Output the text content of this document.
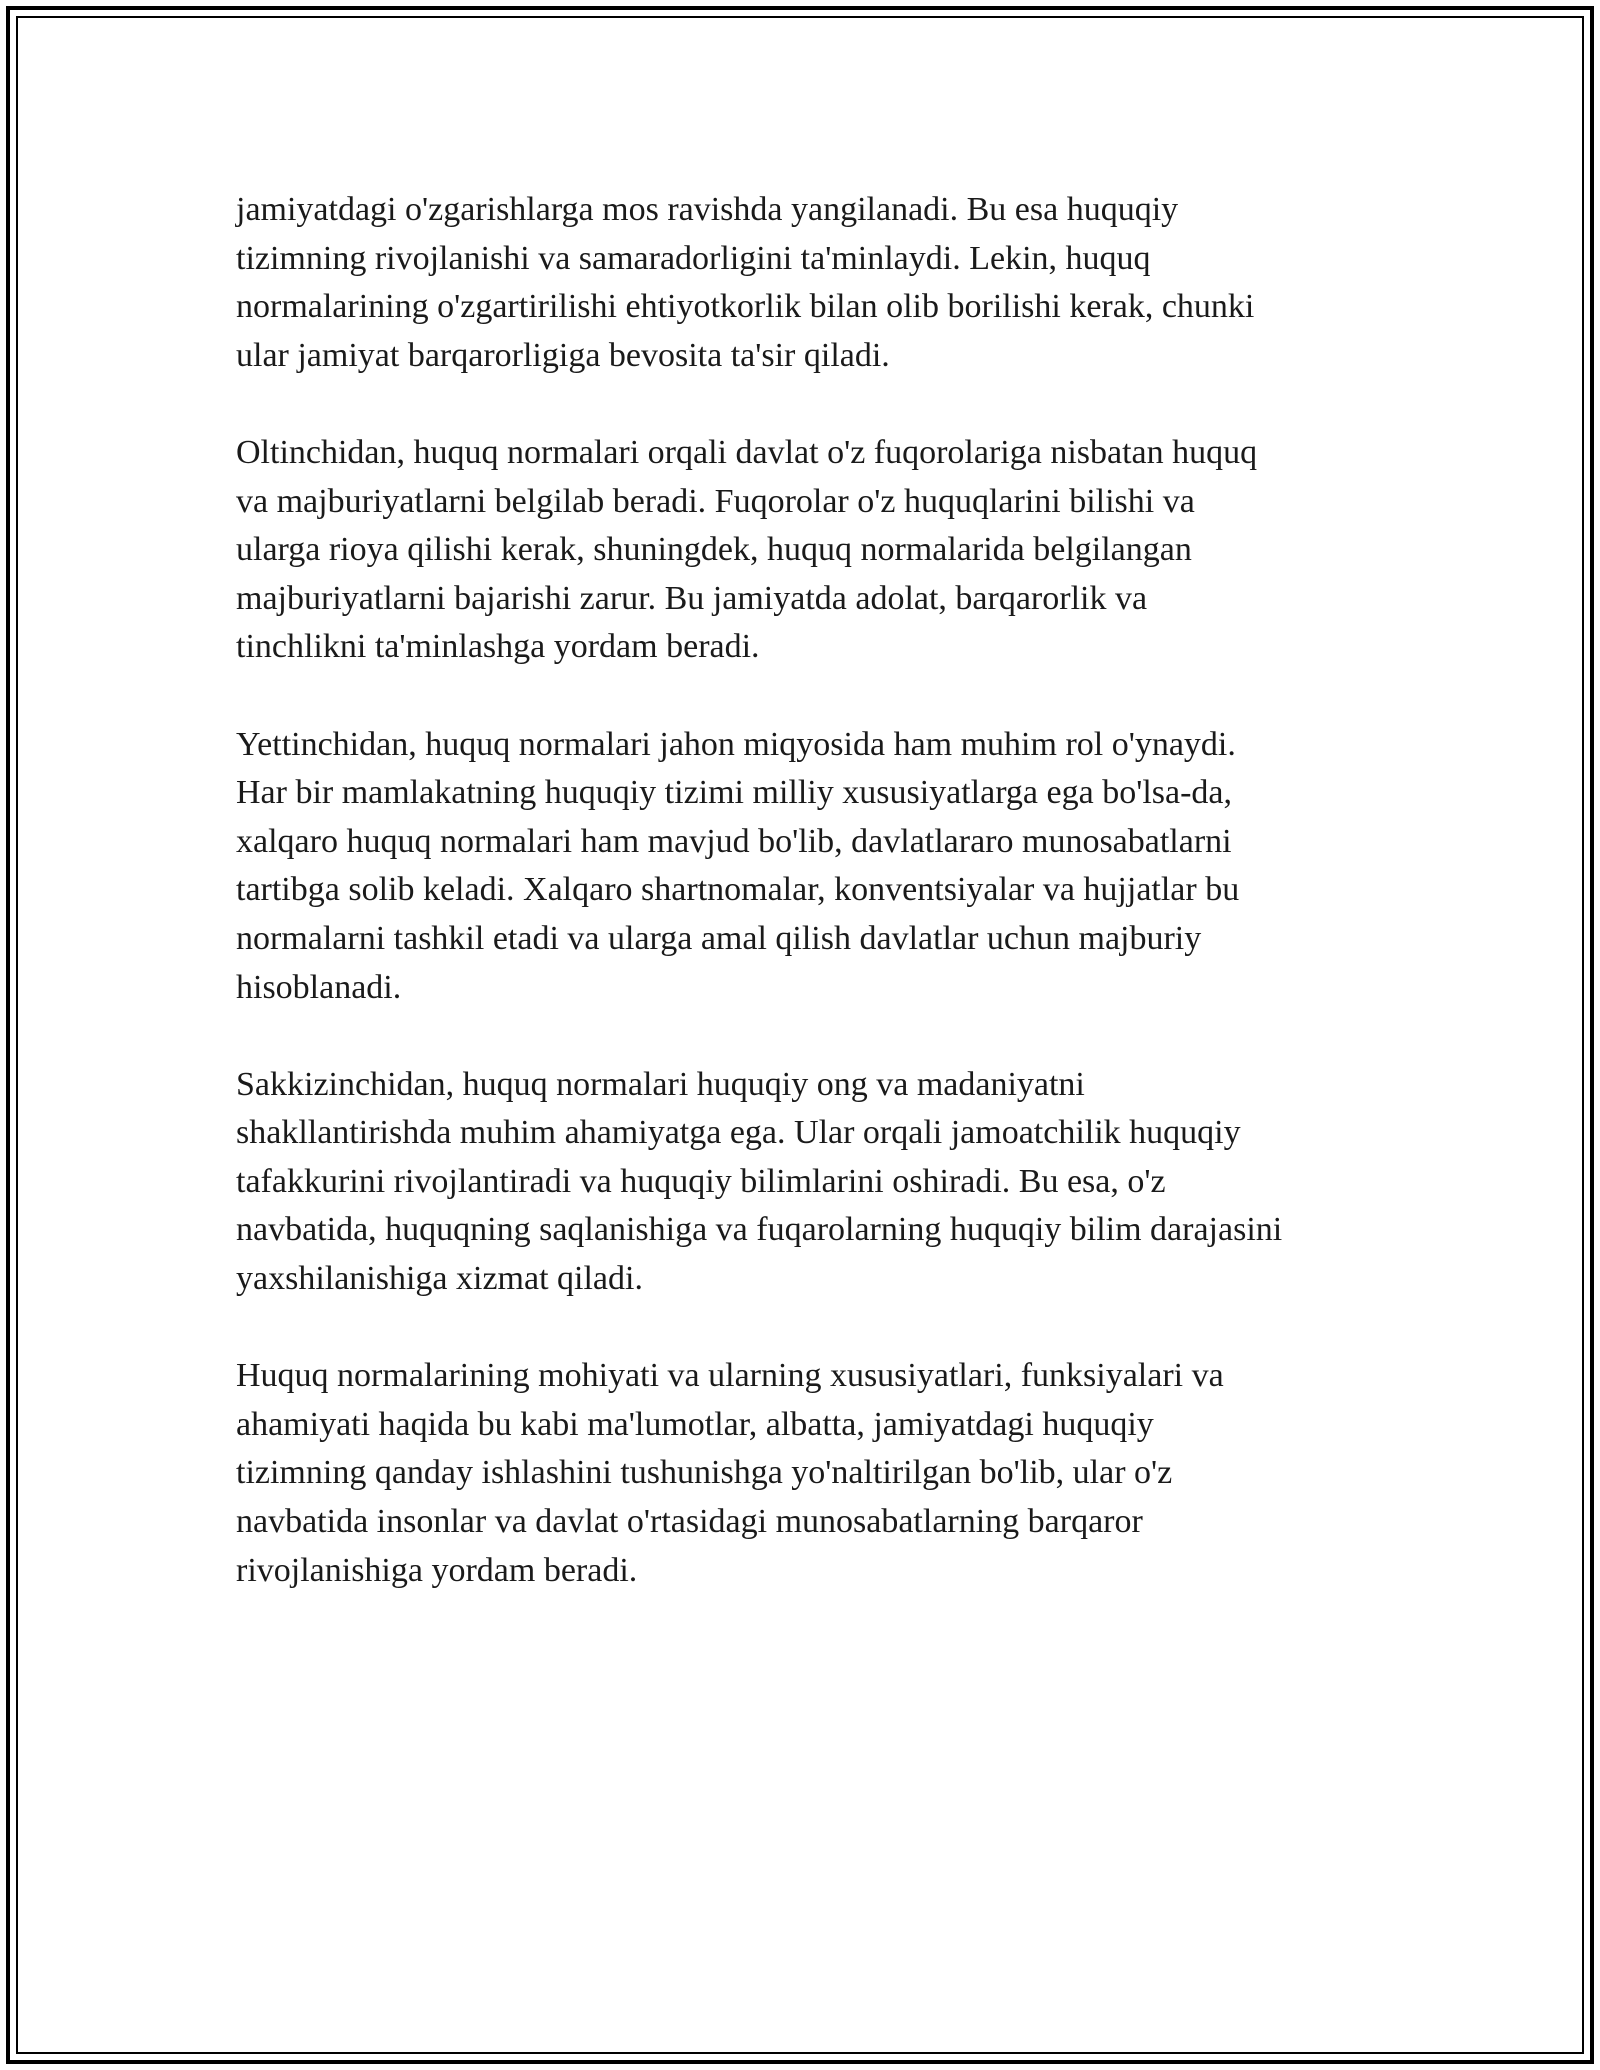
jamiyatdagi o'zgarishlarga mos ravishda yangilanadi. Bu esa huquqiy
tizimning rivojlanishi va samaradorligini ta'minlaydi. Lekin, huquq
normalarining o'zgartirilishi ehtiyotkorlik bilan olib borilishi kerak, chunki
ular jamiyat barqarorligiga bevosita ta'sir qiladi.

Oltinchidan, huquq normalari orqali davlat o'z fuqorolariga nisbatan huquq
va majburiyatlarni belgilab beradi. Fuqorolar o'z huquqlarini bilishi va
ularga rioya qilishi kerak, shuningdek, huquq normalarida belgilangan
majburiyatlarni bajarishi zarur. Bu jamiyatda adolat, barqarorlik va
tinchlikni ta'minlashga yordam beradi.

Yettinchidan, huquq normalari jahon miqyosida ham muhim rol o'ynaydi.
Har bir mamlakatning huquqiy tizimi milliy xususiyatlarga ega bo'lsa-da,
xalqaro huquq normalari ham mavjud bo'lib, davlatlararo munosabatlarni
tartibga solib keladi. Xalqaro shartnomalar, konventsiyalar va hujjatlar bu
normalarni tashkil etadi va ularga amal qilish davlatlar uchun majburiy
hisoblanadi.

Sakkizinchidan, huquq normalari huquqiy ong va madaniyatni
shakllantirishda muhim ahamiyatga ega. Ular orqali jamoatchilik huquqiy
tafakkurini rivojlantiradi va huquqiy bilimlarini oshiradi. Bu esa, o'z
navbatida, huquqning saqlanishiga va fuqarolarning huquqiy bilim darajasini
yaxshilanishiga xizmat qiladi.

Huquq normalarining mohiyati va ularning xususiyatlari, funksiyalari va
ahamiyati haqida bu kabi ma'lumotlar, albatta, jamiyatdagi huquqiy
tizimning qanday ishlashini tushunishga yo'naltirilgan bo'lib, ular o'z
navbatida insonlar va davlat o'rtasidagi munosabatlarning barqaror
rivojlanishiga yordam beradi.
